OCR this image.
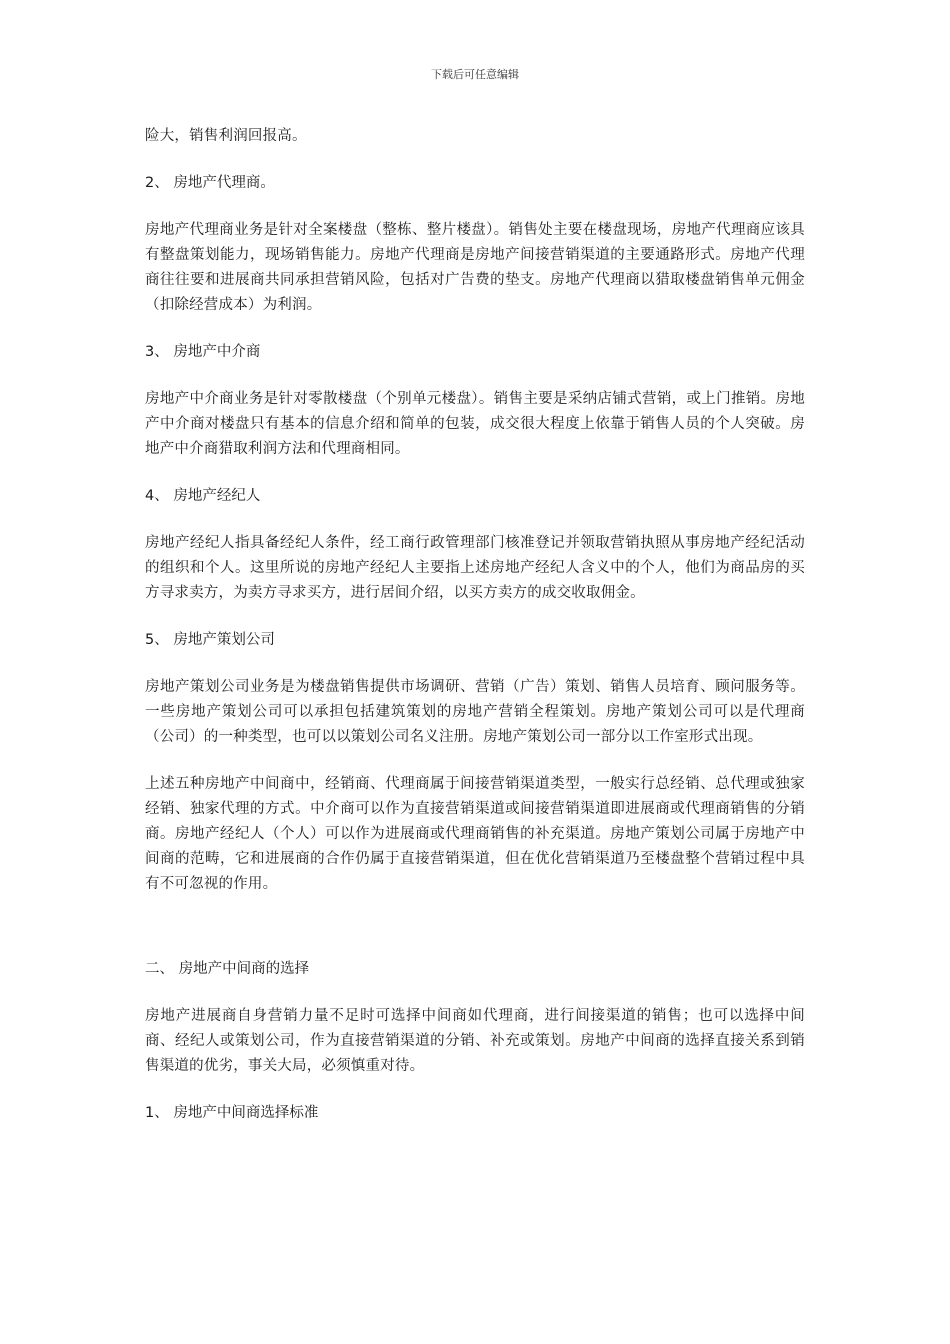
下载后可任意编辑

险大，销售利润回报高。

2、 房地产代理商。

房地产代理商业务是针对全案楼盘（整栋、整片楼盘）。销售处主要在楼盘现场，房地产代理商应该具有整盘策划能力，现场销售能力。房地产代理商是房地产间接营销渠道的主要通路形式。房地产代理商往往要和进展商共同承担营销风险，包括对广告费的垫支。房地产代理商以猎取楼盘销售单元佣金（扣除经营成本）为利润。

3、 房地产中介商

房地产中介商业务是针对零散楼盘（个别单元楼盘）。销售主要是采纳店铺式营销，或上门推销。房地产中介商对楼盘只有基本的信息介绍和简单的包装，成交很大程度上依靠于销售人员的个人突破。房地产中介商猎取利润方法和代理商相同。

4、 房地产经纪人

房地产经纪人指具备经纪人条件，经工商行政管理部门核准登记并领取营销执照从事房地产经纪活动的组织和个人。这里所说的房地产经纪人主要指上述房地产经纪人含义中的个人，他们为商品房的买方寻求卖方，为卖方寻求买方，进行居间介绍，以买方卖方的成交收取佣金。

5、 房地产策划公司

房地产策划公司业务是为楼盘销售提供市场调研、营销（广告）策划、销售人员培育、顾问服务等。一些房地产策划公司可以承担包括建筑策划的房地产营销全程策划。房地产策划公司可以是代理商（公司）的一种类型，也可以以策划公司名义注册。房地产策划公司一部分以工作室形式出现。

上述五种房地产中间商中，经销商、代理商属于间接营销渠道类型，一般实行总经销、总代理或独家经销、独家代理的方式。中介商可以作为直接营销渠道或间接营销渠道即进展商或代理商销售的分销商。房地产经纪人（个人）可以作为进展商或代理商销售的补充渠道。房地产策划公司属于房地产中间商的范畴，它和进展商的合作仍属于直接营销渠道，但在优化营销渠道乃至楼盘整个营销过程中具有不可忽视的作用。

二、 房地产中间商的选择

房地产进展商自身营销力量不足时可选择中间商如代理商，进行间接渠道的销售；也可以选择中间商、经纪人或策划公司，作为直接营销渠道的分销、补充或策划。房地产中间商的选择直接关系到销售渠道的优劣，事关大局，必须慎重对待。

1、 房地产中间商选择标准
